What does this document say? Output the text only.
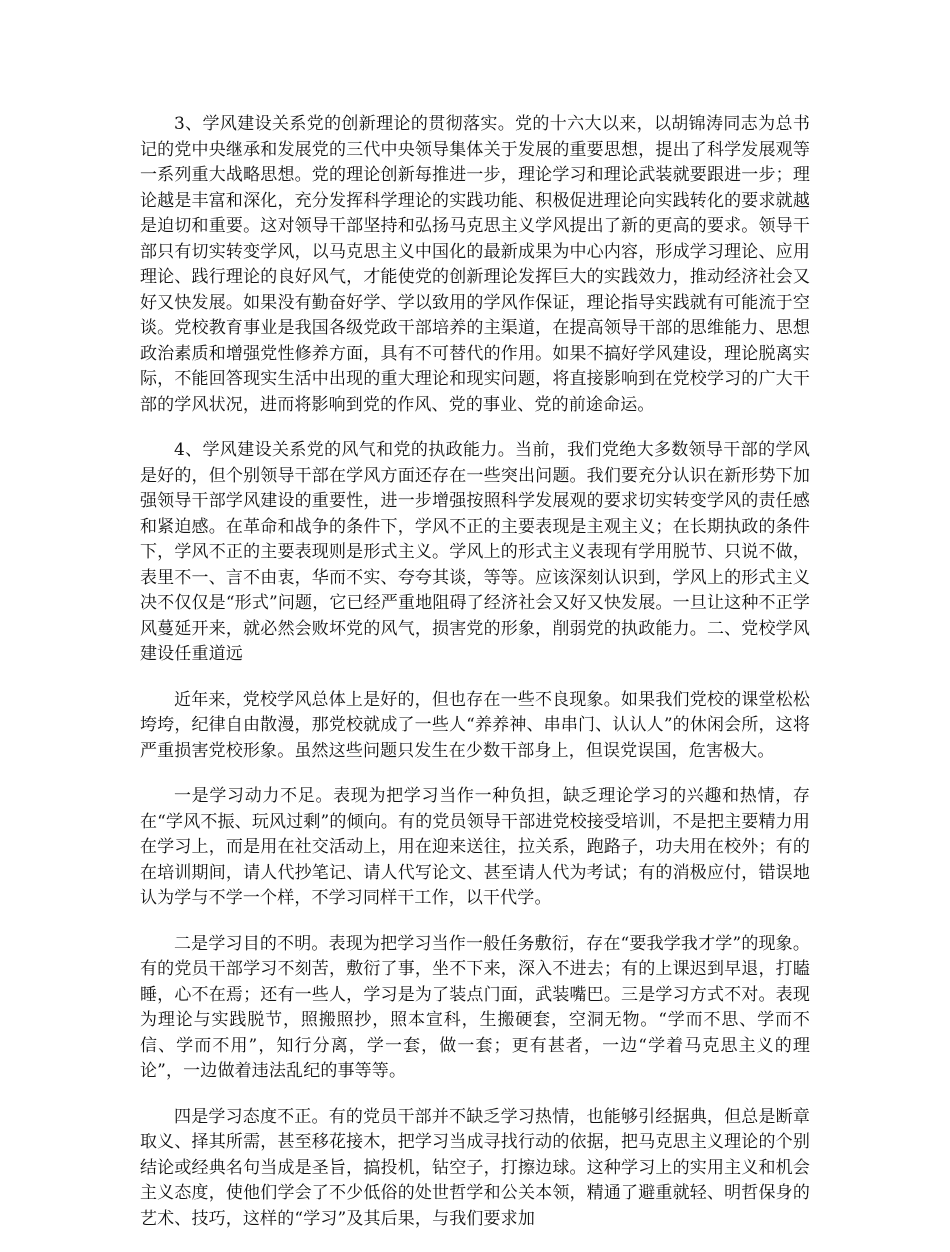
3、学风建设关系党的创新理论的贯彻落实。党的十六大以来，以胡锦涛同志为总书记的党中央继承和发展党的三代中央领导集体关于发展的重要思想，提出了科学发展观等一系列重大战略思想。党的理论创新每推进一步，理论学习和理论武装就要跟进一步；理论越是丰富和深化，充分发挥科学理论的实践功能、积极促进理论向实践转化的要求就越是迫切和重要。这对领导干部坚持和弘扬马克思主义学风提出了新的更高的要求。领导干部只有切实转变学风，以马克思主义中国化的最新成果为中心内容，形成学习理论、应用理论、践行理论的良好风气，才能使党的创新理论发挥巨大的实践效力，推动经济社会又好又快发展。如果没有勤奋好学、学以致用的学风作保证，理论指导实践就有可能流于空谈。党校教育事业是我国各级党政干部培养的主渠道，在提高领导干部的思维能力、思想政治素质和增强党性修养方面，具有不可替代的作用。如果不搞好学风建设，理论脱离实际，不能回答现实生活中出现的重大理论和现实问题，将直接影响到在党校学习的广大干部的学风状况，进而将影响到党的作风、党的事业、党的前途命运。

4、学风建设关系党的风气和党的执政能力。当前，我们党绝大多数领导干部的学风是好的，但个别领导干部在学风方面还存在一些突出问题。我们要充分认识在新形势下加强领导干部学风建设的重要性，进一步增强按照科学发展观的要求切实转变学风的责任感和紧迫感。在革命和战争的条件下，学风不正的主要表现是主观主义；在长期执政的条件下，学风不正的主要表现则是形式主义。学风上的形式主义表现有学用脱节、只说不做，表里不一、言不由衷，华而不实、夸夸其谈，等等。应该深刻认识到，学风上的形式主义决不仅仅是“形式”问题，它已经严重地阻碍了经济社会又好又快发展。一旦让这种不正学风蔓延开来，就必然会败坏党的风气，损害党的形象，削弱党的执政能力。二、党校学风建设任重道远

近年来，党校学风总体上是好的，但也存在一些不良现象。如果我们党校的课堂松松垮垮，纪律自由散漫，那党校就成了一些人“养养神、串串门、认认人”的休闲会所，这将严重损害党校形象。虽然这些问题只发生在少数干部身上，但误党误国，危害极大。

一是学习动力不足。表现为把学习当作一种负担，缺乏理论学习的兴趣和热情，存在“学风不振、玩风过剩”的倾向。有的党员领导干部进党校接受培训，不是把主要精力用在学习上，而是用在社交活动上，用在迎来送往，拉关系，跑路子，功夫用在校外；有的在培训期间，请人代抄笔记、请人代写论文、甚至请人代为考试；有的消极应付，错误地认为学与不学一个样，不学习同样干工作，以干代学。

二是学习目的不明。表现为把学习当作一般任务敷衍，存在“要我学我才学”的现象。有的党员干部学习不刻苦，敷衍了事，坐不下来，深入不进去；有的上课迟到早退，打瞌睡，心不在焉；还有一些人，学习是为了装点门面，武装嘴巴。三是学习方式不对。表现为理论与实践脱节，照搬照抄，照本宣科，生搬硬套，空洞无物。“学而不思、学而不信、学而不用”，知行分离，学一套，做一套；更有甚者，一边“学着马克思主义的理论”，一边做着违法乱纪的事等等。

四是学习态度不正。有的党员干部并不缺乏学习热情，也能够引经据典，但总是断章取义、择其所需，甚至移花接木，把学习当成寻找行动的依据，把马克思主义理论的个别结论或经典名句当成是圣旨，搞投机，钻空子，打擦边球。这种学习上的实用主义和机会主义态度，使他们学会了不少低俗的处世哲学和公关本领，精通了避重就轻、明哲保身的艺术、技巧，这样的“学习”及其后果，与我们要求加
